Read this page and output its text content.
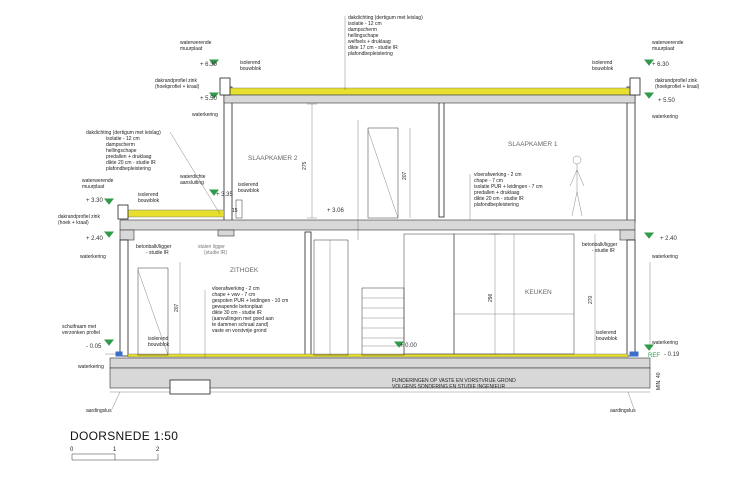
dakdichting (dertigum met leislag)
isolatie - 12 cm
dampscherm
hellingschape
welfsels + druklaag
dikte 17 cm - studie IR
plafondbepleistering
waterwerende
muurplaat
+ 6.30
dakrandprofiel zink
(hoekprofiel + kraal)
+ 5.50
waterkering
isolerend
bouwblok
waterwerende
muurplaat
+ 6.30
dakrandprofiel zink
(hoekprofiel + kraal)
+ 5.50
waterkering
isolerend
bouwblok
dakdichting (dertigum met leislag)
isolatie - 12 cm
dampscherm
hellingschape
predallen + druklaag
dikte 20 cm - studie IR
plafondbepleistering
waterdichte
aansluiting
+ 3.35
isolerend
bouwblok
waterwerende
muurplaat
+ 3.30
isolerend
bouwblok
dakrandprofiel zink
(hoek + kraal)
+ 2.40
waterkering
SLAAPKAMER 2
SLAAPKAMER 1
ZITHOEK
KEUKEN
275
207
296	270
207
15	+ 3.06
vloerafwerking - 2 cm
chape - 7 cm
isolatie PUR + leidingen - 7 cm
predallen + druklaag
dikte 20 cm - studie IR
plafondbepleistering
betonbalk/ligger
- studie IR
stalen ligger
(studie IR)
betonbalk/ligger
- studie IR
+ 2.40
waterkering
vloerafwerking - 2 cm
chape + vwv - 7 cm
gespoten PUR + leidingen - 10 cm
gewapende betonplaat
dikte 30 cm - studie IR
(aanvullingen met goed aan
te dammen schraal zand)
vaste en vorstvrije grond
isolerend
bouwblok
isolerend
bouwblok
schuifraam met
verzonken profiel
- 0.05
waterkering
+ 0.00	waterkering
REF - 0.19
FUNDERINGEN OP VASTE EN VORSTVRIJE GROND
VOLGENS SONDERING EN STUDIE INGENIEUR	MIN. 40
aardingslus	aardingslus
DOORSNEDE 1:50
0	1	2
